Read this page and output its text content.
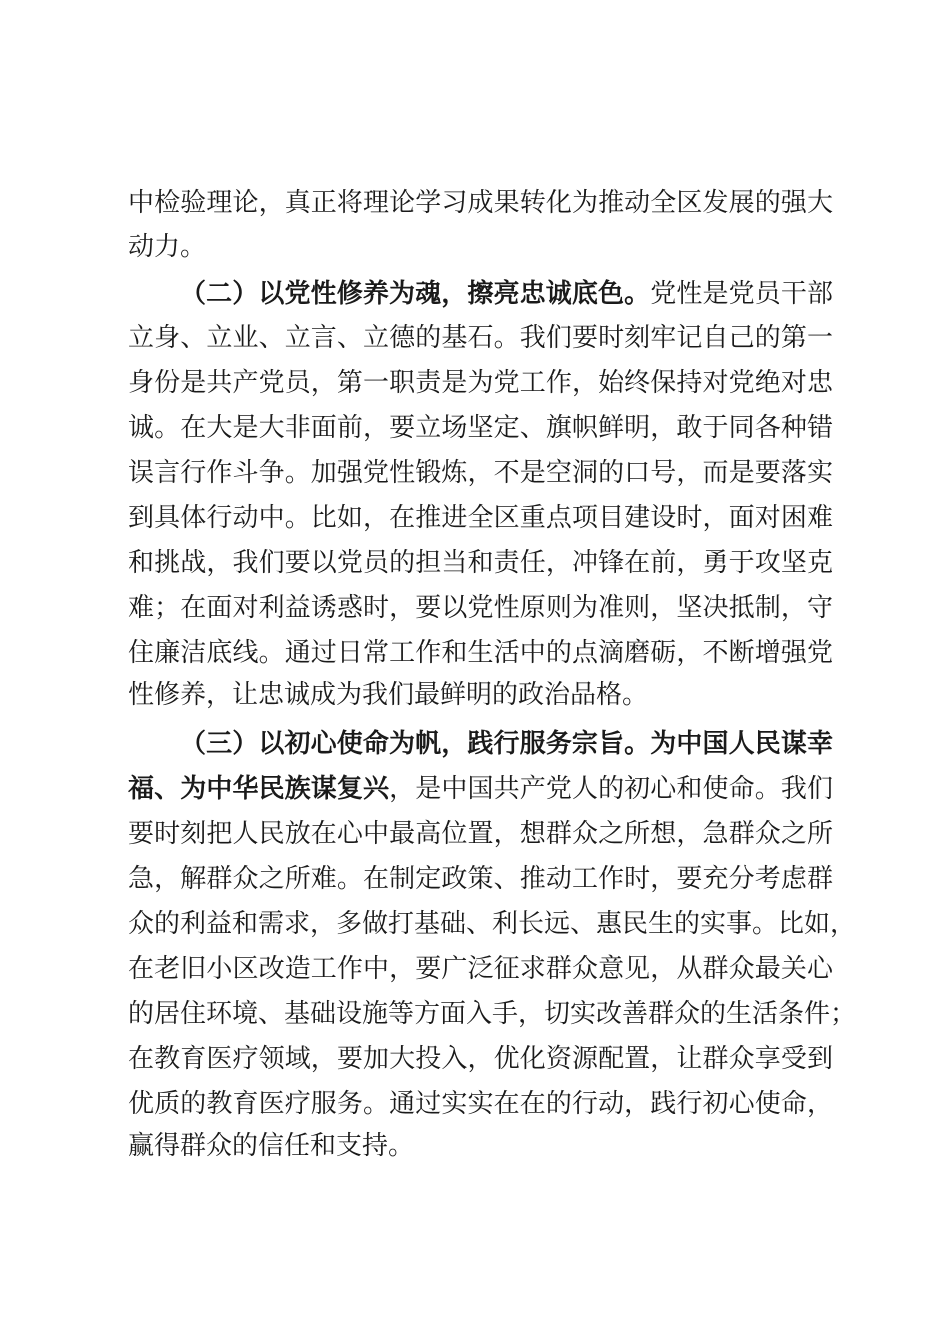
中检验理论，真正将理论学习成果转化为推动全区发展的强大
动力。
（二）以党性修养为魂，擦亮忠诚底色。党性是党员干部
立身、立业、立言、立德的基石。我们要时刻牢记自己的第一
身份是共产党员，第一职责是为党工作，始终保持对党绝对忠
诚。在大是大非面前，要立场坚定、旗帜鲜明，敢于同各种错
误言行作斗争。加强党性锻炼，不是空洞的口号，而是要落实
到具体行动中。比如，在推进全区重点项目建设时，面对困难
和挑战，我们要以党员的担当和责任，冲锋在前，勇于攻坚克
难；在面对利益诱惑时，要以党性原则为准则，坚决抵制，守
住廉洁底线。通过日常工作和生活中的点滴磨砺，不断增强党
性修养，让忠诚成为我们最鲜明的政治品格。
（三）以初心使命为帆，践行服务宗旨。为中国人民谋幸
福、为中华民族谋复兴，是中国共产党人的初心和使命。我们
要时刻把人民放在心中最高位置，想群众之所想，急群众之所
急，解群众之所难。在制定政策、推动工作时，要充分考虑群
众的利益和需求，多做打基础、利长远、惠民生的实事。比如，
在老旧小区改造工作中，要广泛征求群众意见，从群众最关心
的居住环境、基础设施等方面入手，切实改善群众的生活条件；
在教育医疗领域，要加大投入，优化资源配置，让群众享受到
优质的教育医疗服务。通过实实在在的行动，践行初心使命，
赢得群众的信任和支持。
